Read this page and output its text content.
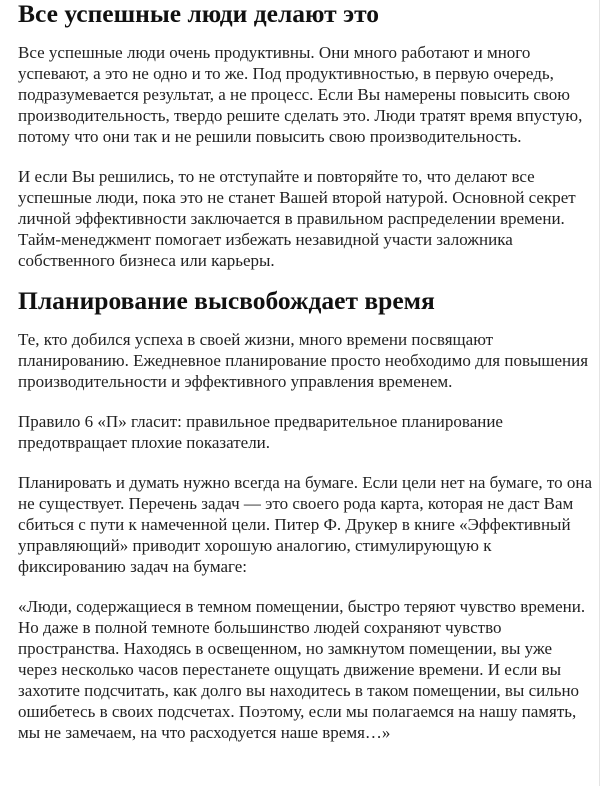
Все успешные люди делают это

Все успешные люди очень продуктивны. Они много работают и много успевают, а это не одно и то же. Под продуктивностью, в первую очередь, подразумевается результат, а не процесс. Если Вы намерены повысить свою производительность, твердо решите сделать это. Люди тратят время впустую, потому что они так и не решили повысить свою производительность.

И если Вы решились, то не отступайте и повторяйте то, что делают все успешные люди, пока это не станет Вашей второй натурой. Основной секрет личной эффективности заключается в правильном распределении времени. Тайм-менеджмент помогает избежать незавидной участи заложника собственного бизнеса или карьеры.

Планирование высвобождает время

Те, кто добился успеха в своей жизни, много времени посвящают планированию. Ежедневное планирование просто необходимо для повышения производительности и эффективного управления временем.

Правило 6 «П» гласит: правильное предварительное планирование предотвращает плохие показатели.

Планировать и думать нужно всегда на бумаге. Если цели нет на бумаге, то она не существует. Перечень задач — это своего рода карта, которая не даст Вам сбиться с пути к намеченной цели. Питер Ф. Друкер в книге «Эффективный управляющий» приводит хорошую аналогию, стимулирующую к фиксированию задач на бумаге:

«Люди, содержащиеся в темном помещении, быстро теряют чувство времени. Но даже в полной темноте большинство людей сохраняют чувство пространства. Находясь в освещенном, но замкнутом помещении, вы уже через несколько часов перестанете ощущать движение времени. И если вы захотите подсчитать, как долго вы находитесь в таком помещении, вы сильно ошибетесь в своих подсчетах. Поэтому, если мы полагаемся на нашу память, мы не замечаем, на что расходуется наше время…»
